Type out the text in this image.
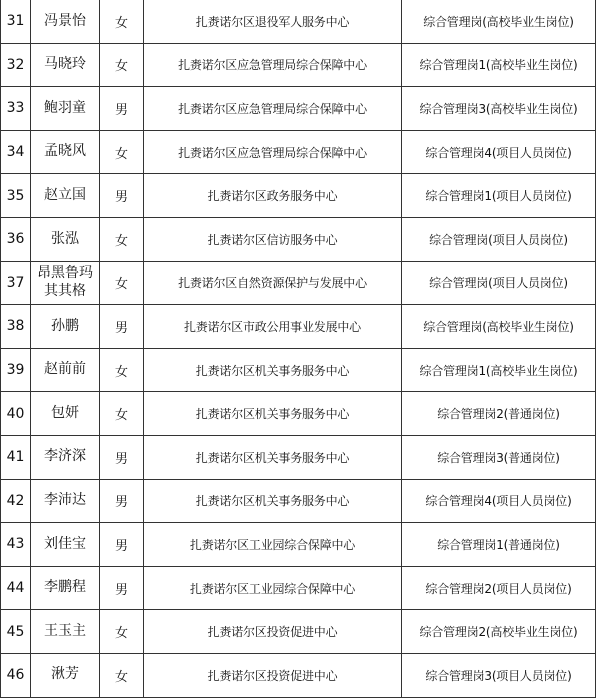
31	冯景怡	女	扎赉诺尔区退役军人服务中心	综合管理岗(高校毕业生岗位)
32	马晓玲	女	扎赉诺尔区应急管理局综合保障中心	综合管理岗1(高校毕业生岗位)
33	鲍羽童	男	扎赉诺尔区应急管理局综合保障中心	综合管理岗3(高校毕业生岗位)
34	孟晓风	女	扎赉诺尔区应急管理局综合保障中心	综合管理岗4(项目人员岗位)
35	赵立国	男	扎赉诺尔区政务服务中心	综合管理岗1(项目人员岗位)
36	张泓	女	扎赉诺尔区信访服务中心	综合管理岗(项目人员岗位)
37	昂黑鲁玛其其格	女	扎赉诺尔区自然资源保护与发展中心	综合管理岗(项目人员岗位)
38	孙鹏	男	扎赉诺尔区市政公用事业发展中心	综合管理岗(高校毕业生岗位)
39	赵前前	女	扎赉诺尔区机关事务服务中心	综合管理岗1(高校毕业生岗位)
40	包妍	女	扎赉诺尔区机关事务服务中心	综合管理岗2(普通岗位)
41	李济深	男	扎赉诺尔区机关事务服务中心	综合管理岗3(普通岗位)
42	李沛达	男	扎赉诺尔区机关事务服务中心	综合管理岗4(项目人员岗位)
43	刘佳宝	男	扎赉诺尔区工业园综合保障中心	综合管理岗1(普通岗位)
44	李鹏程	男	扎赉诺尔区工业园综合保障中心	综合管理岗2(项目人员岗位)
45	王玉主	女	扎赉诺尔区投资促进中心	综合管理岗2(高校毕业生岗位)
46	湫芳	女	扎赉诺尔区投资促进中心	综合管理岗3(项目人员岗位)
